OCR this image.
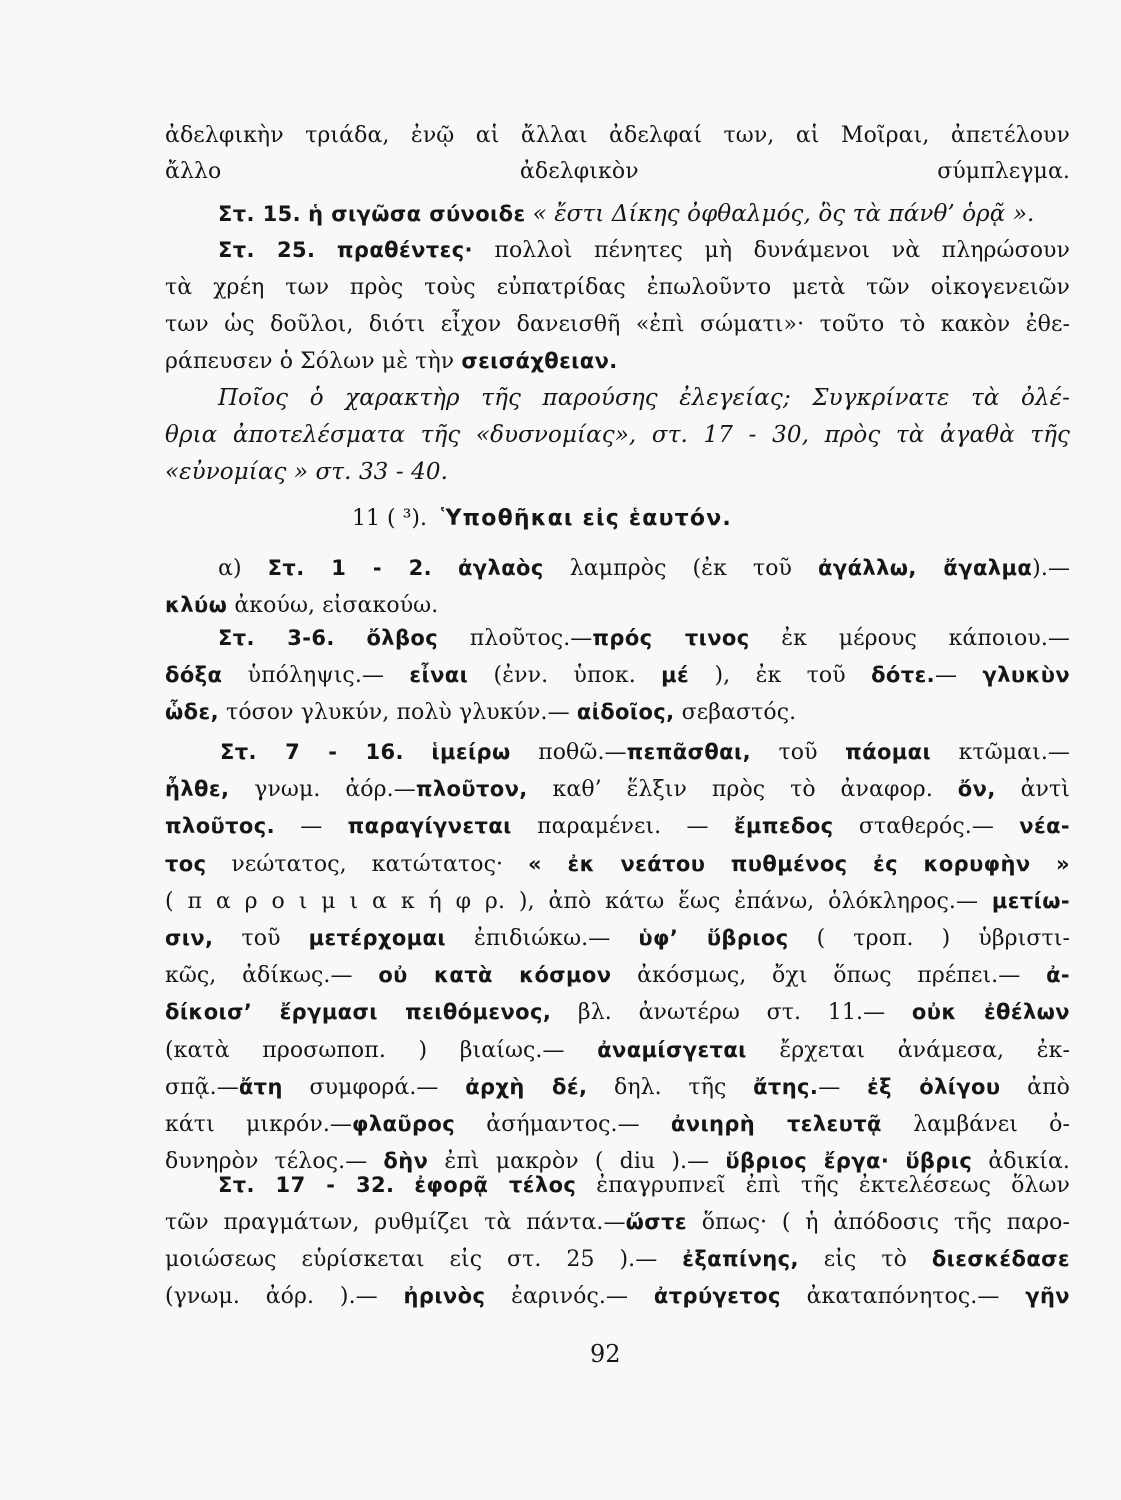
ἀδελφικὴν τριάδα, ἐνῷ αἱ ἄλλαι ἀδελφαί των, αἱ Μοῖραι, ἀπετέλουν
ἄλλο ἀδελφικὸν σύμπλεγμα.
Στ. 15. ἡ σιγῶσα σύνοιδε « ἔστι Δίκης ὀφθαλμός, ὃς τὰ πάνθ’ ὁρᾷ ».
Στ. 25. πραθέντες· πολλοὶ πένητες μὴ δυνάμενοι νὰ πληρώσουν
τὰ χρέη των πρὸς τοὺς εὐπατρίδας ἐπωλοῦντο μετὰ τῶν οἰκογενειῶν
των ὡς δοῦλοι, διότι εἶχον δανεισθῆ «ἐπὶ σώματι»· τοῦτο τὸ κακὸν ἐθε-
ράπευσεν ὁ Σόλων μὲ τὴν σεισάχθειαν.
Ποῖος ὁ χαρακτὴρ τῆς παρούσης ἐλεγείας; Συγκρίνατε τὰ ὀλέ-
θρια ἀποτελέσματα τῆς «δυσνομίας», στ. 17 - 30, πρὸς τὰ ἀγαθὰ τῆς
«εὐνομίας » στ. 33 - 40.
11 ( ³). Ὑποθῆκαι εἰς ἑαυτόν.
α) Στ. 1 - 2. ἀγλαὸς λαμπρὸς (ἐκ τοῦ ἀγάλλω, ἄγαλμα).—
κλύω ἀκούω, εἰσακούω.
Στ. 3-6. ὄλβος πλοῦτος.—πρός τινος ἐκ μέρους κάποιου.—
δόξα ὑπόληψις.— εἶναι (ἐνν. ὑποκ. μέ ), ἐκ τοῦ δότε.— γλυκὺν
ὧδε, τόσον γλυκύν, πολὺ γλυκύν.— αἰδοῖος, σεβαστός.
Στ. 7 - 16. ἱμείρω ποθῶ.—πεπᾶσθαι, τοῦ πάομαι κτῶμαι.—
ἦλθε, γνωμ. ἀόρ.—πλοῦτον, καθ’ ἕλξιν πρὸς τὸ ἀναφορ. ὄν, ἀντὶ
πλοῦτος. — παραγίγνεται παραμένει. — ἔμπεδος σταθερός.— νέα-
τος νεώτατος, κατώτατος· « ἐκ νεάτου πυθμένος ἐς κορυφὴν »
( π α ρ ο ι μ ι α κ ή φ ρ. ), ἀπὸ κάτω ἕως ἐπάνω, ὁλόκληρος.— μετίω-
σιν, τοῦ μετέρχομαι ἐπιδιώκω.— ὑφ’ ὕβριος ( τροπ. ) ὑβριστι-
κῶς, ἀδίκως.— οὐ κατὰ κόσμον ἀκόσμως, ὄχι ὅπως πρέπει.— ἀ-
δίκοισ’ ἔργμασι πειθόμενος, βλ. ἀνωτέρω στ. 11.— οὐκ ἐθέλων
(κατὰ προσωποπ. ) βιαίως.— ἀναμίσγεται ἔρχεται ἀνάμεσα, ἐκ-
σπᾷ.—ἄτη συμφορά.— ἀρχὴ δέ, δηλ. τῆς ἄτης.— ἐξ ὀλίγου ἀπὸ
κάτι μικρόν.—φλαῦρος ἀσήμαντος.— ἀνιηρὴ τελευτᾷ λαμβάνει ὀ-
δυνηρὸν τέλος.— δὴν ἐπὶ μακρὸν ( diu ).— ὕβριος ἔργα· ὕβρις ἀδικία.
Στ. 17 - 32. ἐφορᾷ τέλος ἐπαγρυπνεῖ ἐπὶ τῆς ἐκτελέσεως ὅλων
τῶν πραγμάτων, ρυθμίζει τὰ πάντα.—ὥστε ὅπως· ( ἡ ἀπόδοσις τῆς παρο-
μοιώσεως εὑρίσκεται εἰς στ. 25 ).— ἐξαπίνης, εἰς τὸ διεσκέδασε
(γνωμ. ἀόρ. ).— ἠρινὸς ἐαρινός.— ἀτρύγετος ἀκαταπόνητος.— γῆν
92
